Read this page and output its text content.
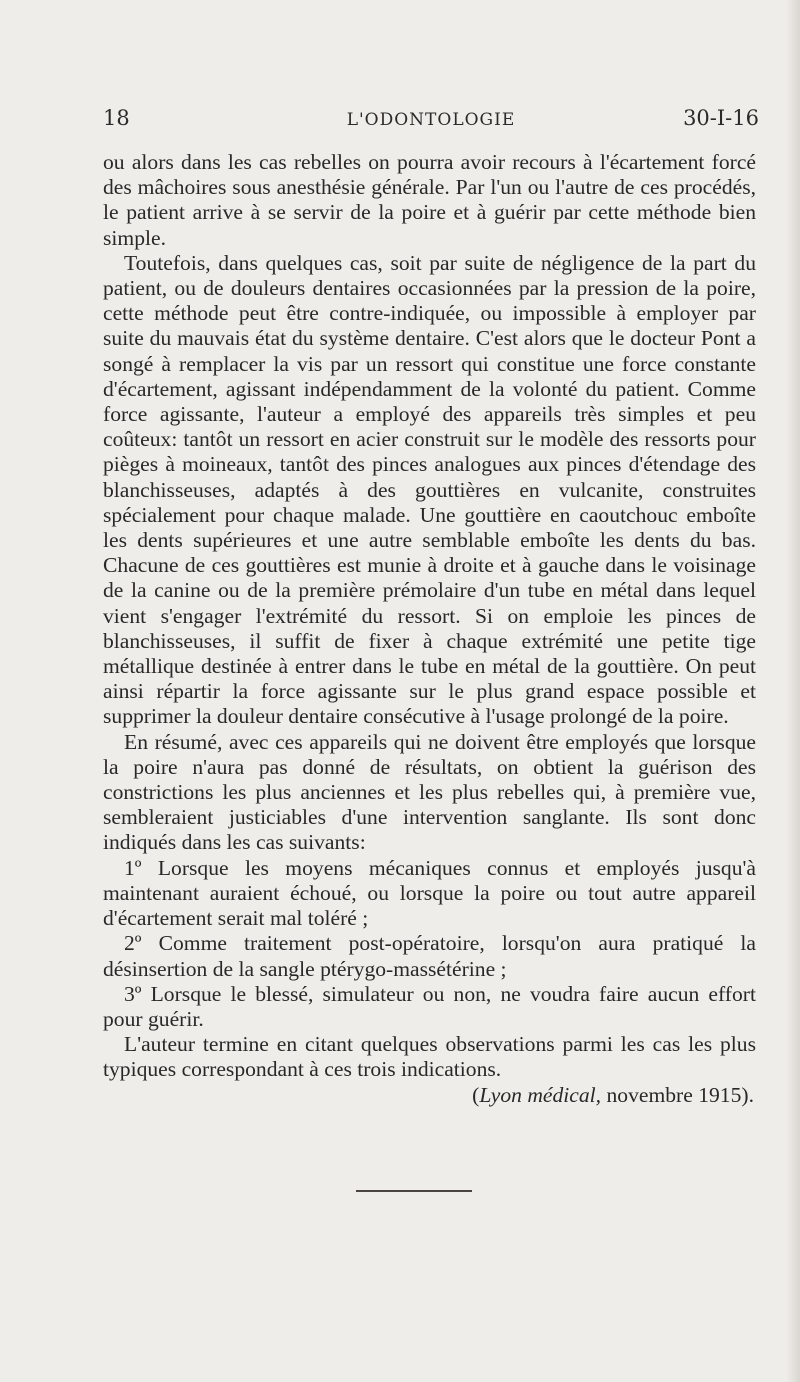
18	L'ODONTOLOGIE	30-I-16

ou alors dans les cas rebelles on pourra avoir recours à l'écartement forcé des mâchoires sous anesthésie générale. Par l'un ou l'autre de ces procédés, le patient arrive à se servir de la poire et à guérir par cette méthode bien simple.

Toutefois, dans quelques cas, soit par suite de négligence de la part du patient, ou de douleurs dentaires occasionnées par la pression de la poire, cette méthode peut être contre-indiquée, ou impossible à employer par suite du mauvais état du système dentaire. C'est alors que le docteur Pont a songé à remplacer la vis par un ressort qui constitue une force constante d'écartement, agissant indépendamment de la volonté du patient. Comme force agissante, l'auteur a employé des appareils très simples et peu coûteux: tantôt un ressort en acier construit sur le modèle des ressorts pour pièges à moineaux, tantôt des pinces analogues aux pinces d'étendage des blanchisseuses, adaptés à des gouttières en vulcanite, construites spécialement pour chaque malade. Une gouttière en caoutchouc emboîte les dents supérieures et une autre semblable emboîte les dents du bas. Chacune de ces gouttières est munie à droite et à gauche dans le voisinage de la canine ou de la première prémolaire d'un tube en métal dans lequel vient s'engager l'extrémité du ressort. Si on emploie les pinces de blanchisseuses, il suffit de fixer à chaque extrémité une petite tige métallique destinée à entrer dans le tube en métal de la gouttière. On peut ainsi répartir la force agissante sur le plus grand espace possible et supprimer la douleur dentaire consécutive à l'usage prolongé de la poire.

En résumé, avec ces appareils qui ne doivent être employés que lorsque la poire n'aura pas donné de résultats, on obtient la guérison des constrictions les plus anciennes et les plus rebelles qui, à première vue, sembleraient justiciables d'une intervention sanglante. Ils sont donc indiqués dans les cas suivants:

1º Lorsque les moyens mécaniques connus et employés jusqu'à maintenant auraient échoué, ou lorsque la poire ou tout autre appareil d'écartement serait mal toléré ;

2º Comme traitement post-opératoire, lorsqu'on aura pratiqué la désinsertion de la sangle ptérygo-massétérine ;

3º Lorsque le blessé, simulateur ou non, ne voudra faire aucun effort pour guérir.

L'auteur termine en citant quelques observations parmi les cas les plus typiques correspondant à ces trois indications.

(Lyon médical, novembre 1915).
